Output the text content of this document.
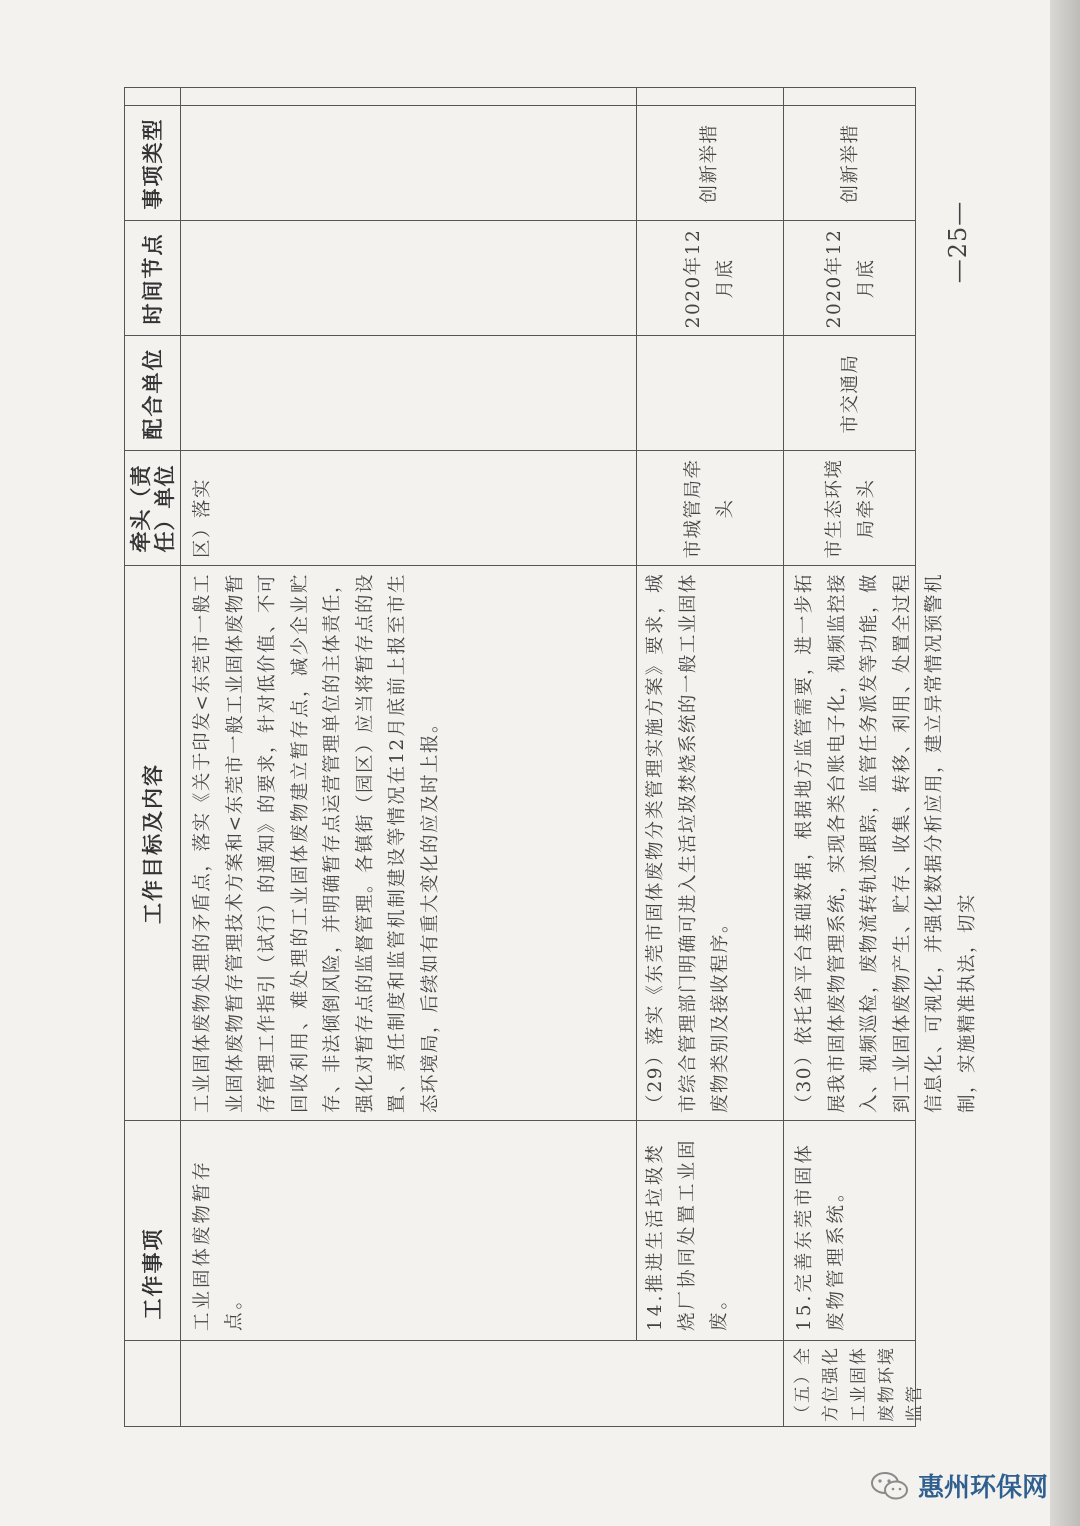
工作事项
工作目标及内容
牵头（责任）单位
配合单位
时间节点
事项类型
工业固体废物暂存点。
工业固体废物处理的矛盾点，落实《关于印发<东莞市一般工业固体废物暂存管理技术方案和<东莞市一般工业固体废物暂存管理工作指引（试行）的通知》的要求，针对低价值、不可回收利用、难处理的工业固体废物建立暂存点，减少企业贮存、非法倾倒风险，并明确暂存点运营管理单位的主体责任，强化对暂存点的监督管理。各镇街（园区）应当将暂存点的设置、责任制度和监管机制建设等情况在12月底前上报至市生态环境局，后续如有重大变化的应及时上报。
区）落实
14.推进生活垃圾焚烧厂协同处置工业固废。
（29）落实《东莞市固体废物分类管理实施方案》要求，城市综合管理部门明确可进入生活垃圾焚烧系统的一般工业固体废物类别及接收程序。
市城管局牵头
2020年12月底
创新举措
（五）全方位强化工业固体废物环境监管
15.完善东莞市固体废物管理系统。
（30）依托省平台基础数据，根据地方监管需要，进一步拓展我市固体废物管理系统，实现各类台账电子化，视频监控接入、视频巡检，废物流转轨迹跟踪，监管任务派发等功能，做到工业固体废物产生、贮存、收集、转移、利用、处置全过程信息化、可视化，并强化数据分析应用，建立异常情况预警机制，实施精准执法，切实
市生态环境局牵头
市交通局
2020年12月底
创新举措
—25—
惠州环保网
